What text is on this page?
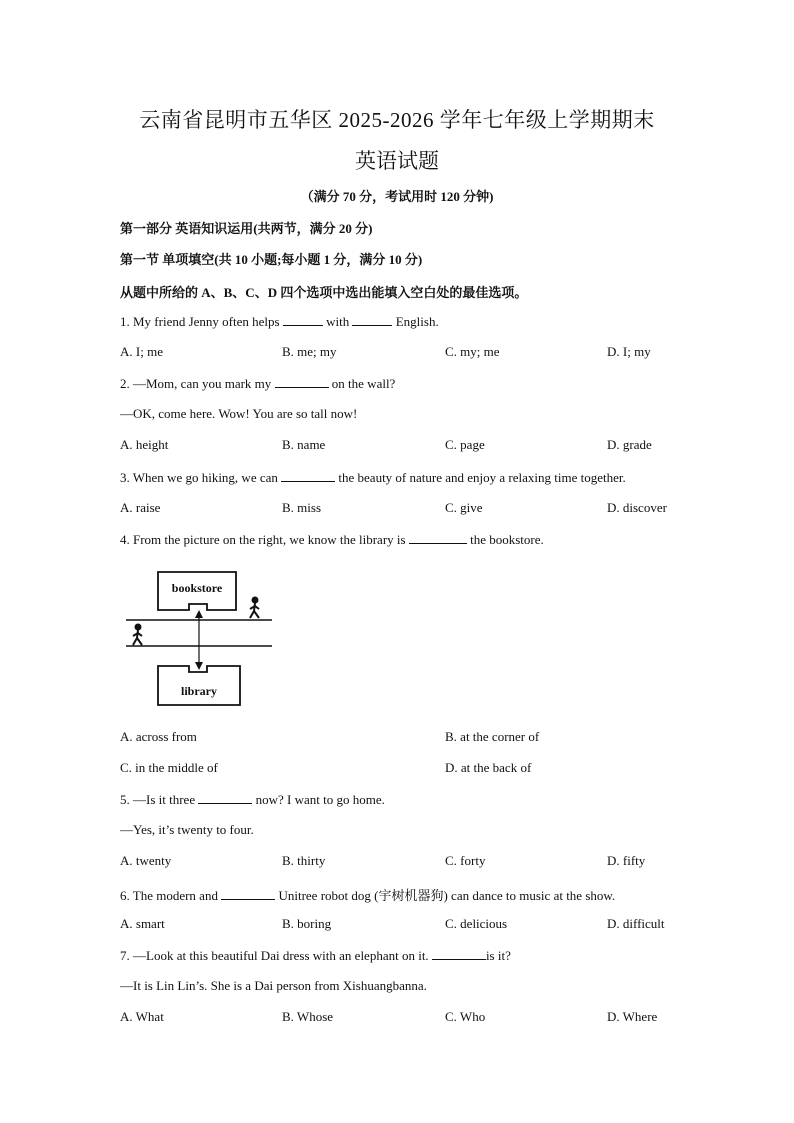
云南省昆明市五华区 2025-2026 学年七年级上学期期末
英语试题
（满分 70 分，考试用时 120 分钟)
第一部分 英语知识运用(共两节，满分 20 分)
第一节 单项填空(共 10 小题;每小题 1 分，满分 10 分)
从题中所给的 A、B、C、D 四个选项中选出能填入空白处的最佳选项。
1. My friend Jenny often helps	with	English.
A. I; me	B. me; my	C. my; me	D. I; my
2. —Mom, can you mark my	on the wall?
—OK, come here. Wow! You are so tall now!
A. height	B. name	C. page	D. grade
3. When we go hiking, we can	the beauty of nature and enjoy a relaxing time together.
A. raise	B. miss	C. give	D. discover
4. From the picture on the right, we know the library is	the bookstore.
bookstore
library
A. across from	B. at the corner of
C. in the middle of	D. at the back of
5. —Is it three	now? I want to go home.
—Yes, it’s twenty to four.
A. twenty	B. thirty	C. forty	D. fifty
6. The modern and	Unitree robot dog (宇树机器狗) can dance to music at the show.
A. smart	B. boring	C. delicious	D. difficult
7. —Look at this beautiful Dai dress with an elephant on it.	is it?
—It is Lin Lin’s. She is a Dai person from Xishuangbanna.
A. What	B. Whose	C. Who	D. Where
